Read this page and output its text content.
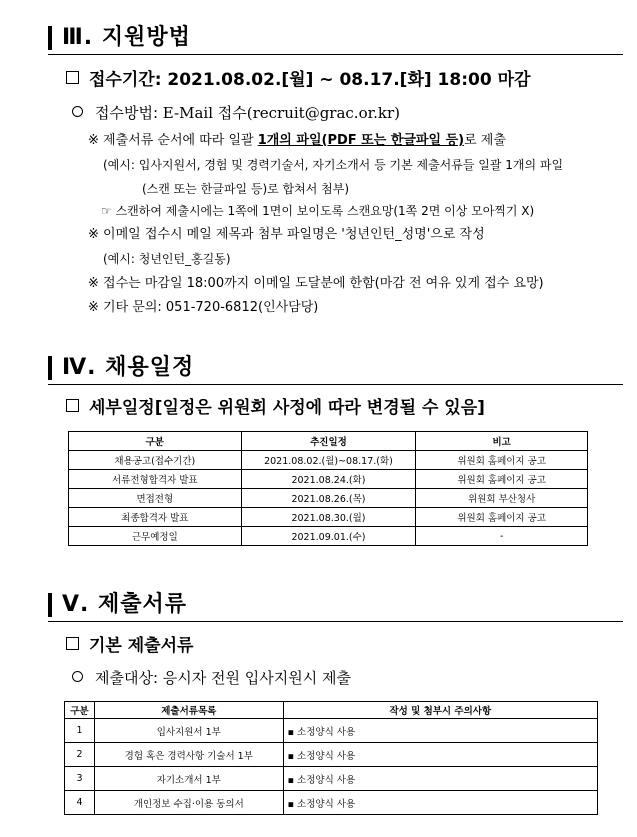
Ⅲ. 지원방법
접수기간: 2021.08.02.[월] ~ 08.17.[화] 18:00 마감
접수방법: E-Mail 접수(recruit@grac.or.kr)
※ 제출서류 순서에 따라 일괄 1개의 파일(PDF 또는 한글파일 등)로 제출
(예시: 입사지원서, 경험 및 경력기술서, 자기소개서 등 기본 제출서류들 일괄 1개의 파일
(스캔 또는 한글파일 등)로 합쳐서 첨부)
☞ 스캔하여 제출시에는 1쪽에 1면이 보이도록 스캔요망(1쪽 2면 이상 모아찍기 X)
※ 이메일 접수시 메일 제목과 첨부 파일명은 '청년인턴_성명'으로 작성
(예시: 청년인턴_홍길동)
※ 접수는 마감일 18:00까지 이메일 도달분에 한함(마감 전 여유 있게 접수 요망)
※ 기타 문의: 051-720-6812(인사담당)
Ⅳ. 채용일정
세부일정[일정은 위원회 사정에 따라 변경될 수 있음]
구분	추진일정	비고
채용공고(접수기간)	2021.08.02.(월)~08.17.(화)	위원회 홈페이지 공고
서류전형합격자 발표	2021.08.24.(화)	위원회 홈페이지 공고
면접전형	2021.08.26.(목)	위원회 부산청사
최종합격자 발표	2021.08.30.(월)	위원회 홈페이지 공고
근무예정일	2021.09.01.(수)	-
Ⅴ. 제출서류
기본 제출서류
제출대상: 응시자 전원 입사지원시 제출
구분	제출서류목록	작성 및 첨부시 주의사항
1	입사지원서 1부	▪ 소정양식 사용
2	경험 혹은 경력사항 기술서 1부	▪ 소정양식 사용
3	자기소개서 1부	▪ 소정양식 사용
4	개인정보 수집·이용 동의서	▪ 소정양식 사용
